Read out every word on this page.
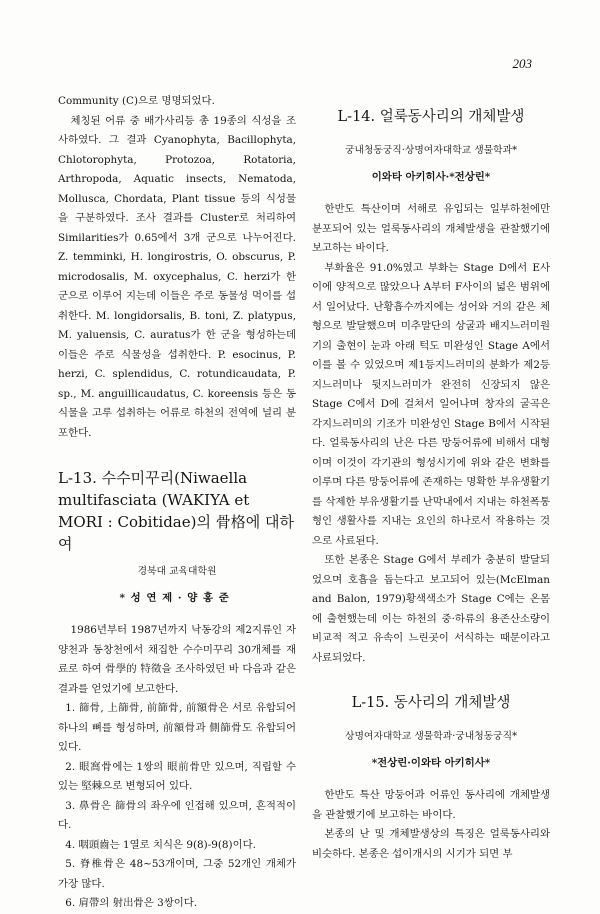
203

Community (C)으로 명명되었다.

체칭된 어류 중 배가사리등 총 19종의 식성을 조사하였다. 그 결과 Cyanophyta, Bacillophyta, Chlotorophyta, Protozoa, Rotatoria, Arthropoda, Aquatic insects, Nematoda, Mollusca, Chordata, Plant tissue 등의 식성물을 구분하였다. 조사 결과를 Cluster로 처리하여 Similarities가 0.65에서 3개 군으로 나누어진다. Z. temminki, H. longirostris, O. obscurus, P. microdosalis, M. oxycephalus, C. herzi가 한 군으로 이루어 지는데 이들은 주로 동물성 먹이를 섭취한다. M. longidorsalis, B. toni, Z. platypus, M. yaluensis, C. auratus가 한 군을 형성하는데 이들은 주로 식물성을 섭취한다. P. esocinus, P. herzi, C. splendidus, C. rotundicaudata, P. sp., M. anguillicaudatus, C. koreensis 등은 동식물을 고루 섭취하는 어류로 하천의 전역에 널리 분포한다.

L-13. 수수미꾸리(Niwaella multifasciata (WAKIYA et MORI : Cobitidae)의 骨格에 대하여

경북대 교육대학원

*성연제·양홍준

1986년부터 1987년까지 낙동강의 제2지류인 자양천과 동창천에서 채집한 수수미꾸리 30개체를 재료로 하여 骨學的 特徵을 조사하였던 바 다음과 같은 결과를 얻었기에 보고한다.

1. 篩骨, 上篩骨, 前篩骨, 前額骨은 서로 유합되어 하나의 뼈를 형성하며, 前額骨과 側篩骨도 유합되어 있다.

2. 眼窩骨에는 1쌍의 眼前骨만 있으며, 직립할 수 있는 堅棘으로 변형되어 있다.

3. 鼻骨은 篩骨의 좌우에 인접해 있으며, 흔적적이다.

4. 咽頭齒는 1열로 치식은 9(8)-9(8)이다.

5. 脊椎骨은 48~53개이며, 그중 52개인 개체가 가장 많다.

6. 肩帶의 射出骨은 3쌍이다.

L-14. 얼룩동사리의 개체발생

궁내청동궁직·상명여자대학교 생물학과*

이와타 아키히사·*전상린*

한반도 특산이며 서해로 유입되는 일부하천에만 분포되어 있는 얼룩동사리의 개체발생을 관찰했기에 보고하는 바이다.

부화율은 91.0%였고 부화는 Stage D에서 E사이에 양적으로 많았으나 A부터 F사이의 넓은 범위에서 일어났다. 난황흡수까지에는 성어와 거의 같은 체형으로 발달했으며 미추말단의 상굴과 배지느러미원기의 출현이 눈과 아래 턱도 미완성인 Stage A에서 이를 볼 수 있었으며 제1등지느러미의 분화가 제2등지느러미나 뒷지느러미가 완전히 신장되지 않은 Stage C에서 D에 걸쳐서 일어나며 창자의 굴곡은 각지느러미의 기조가 미완성인 Stage B에서 시작된다. 얼룩동사리의 난은 다른 망둥어류에 비해서 대형이며 이것이 각기관의 형성시기에 위와 같은 변화를 이루며 다른 망둥어류에 존재하는 명확한 부유생활기를 삭제한 부유생활기를 난막내에서 지내는 하천폭통형인 생활사를 지내는 요인의 하나로서 작용하는 것으로 사료된다.

또한 본종은 Stage G에서 부레가 충분히 발달되었으며 호흡을 돕는다고 보고되어 있는(McElman and Balon, 1979)황색색소가 Stage C에는 온몸에 출현했는데 이는 하천의 중·하류의 용존산소량이 비교적 적고 유속이 느린곳이 서식하는 때문이라고 사료되었다.

L-15. 동사리의 개체발생

상명여자대학교 생물학과·궁내청동궁직*

*전상린·이와타 아키히사*

한반도 특산 망둥어과 어류인 동사리에 개체발생을 관찰했기에 보고하는 바이다.

본종의 난 및 개체발생상의 특징은 얼룩동사리와 비슷하다. 본종은 섭이개시의 시기가 되면 부
